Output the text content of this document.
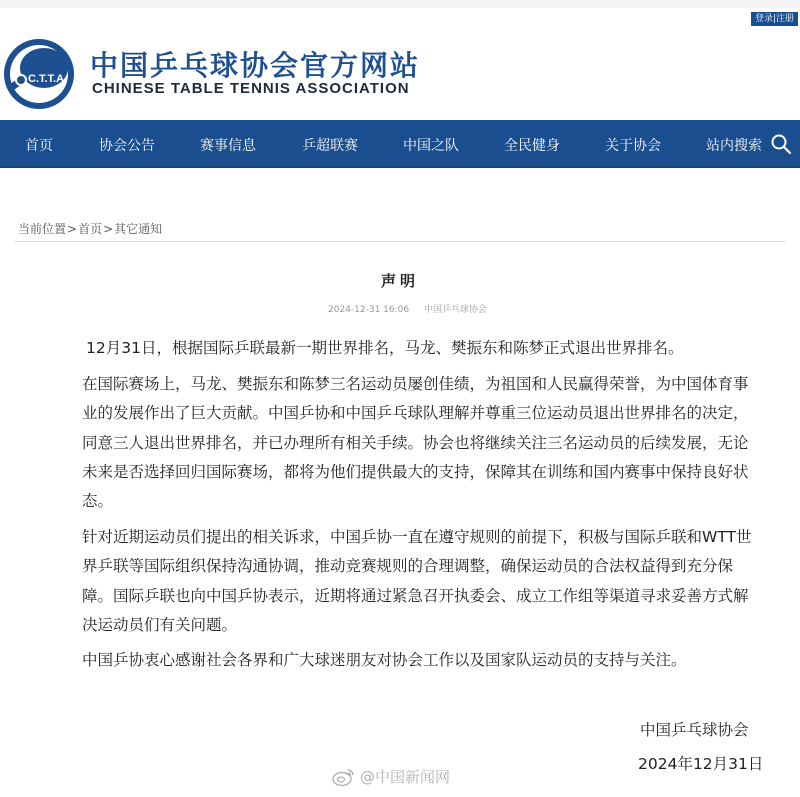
登录|注册
C.T.T.A 中国乒乓球协会官方网站
CHINESE TABLE TENNIS ASSOCIATION
首页	协会公告	赛事信息	乒超联赛	中国之队	全民健身	关于协会	站内搜索
当前位置>首页>其它通知
声明
2024-12-31 16:06 中国乒乓球协会

12月31日，根据国际乒联最新一期世界排名，马龙、樊振东和陈梦正式退出世界排名。

在国际赛场上，马龙、樊振东和陈梦三名运动员屡创佳绩，为祖国和人民赢得荣誉，为中国体育事业的发展作出了巨大贡献。中国乒协和中国乒乓球队理解并尊重三位运动员退出世界排名的决定，同意三人退出世界排名，并已办理所有相关手续。协会也将继续关注三名运动员的后续发展，无论未来是否选择回归国际赛场，都将为他们提供最大的支持，保障其在训练和国内赛事中保持良好状态。

针对近期运动员们提出的相关诉求，中国乒协一直在遵守规则的前提下，积极与国际乒联和WTT世界乒联等国际组织保持沟通协调，推动竞赛规则的合理调整，确保运动员的合法权益得到充分保障。国际乒联也向中国乒协表示，近期将通过紧急召开执委会、成立工作组等渠道寻求妥善方式解决运动员们有关问题。

中国乒协衷心感谢社会各界和广大球迷朋友对协会工作以及国家队运动员的支持与关注。

中国乒乓球协会
2024年12月31日
@中国新闻网
